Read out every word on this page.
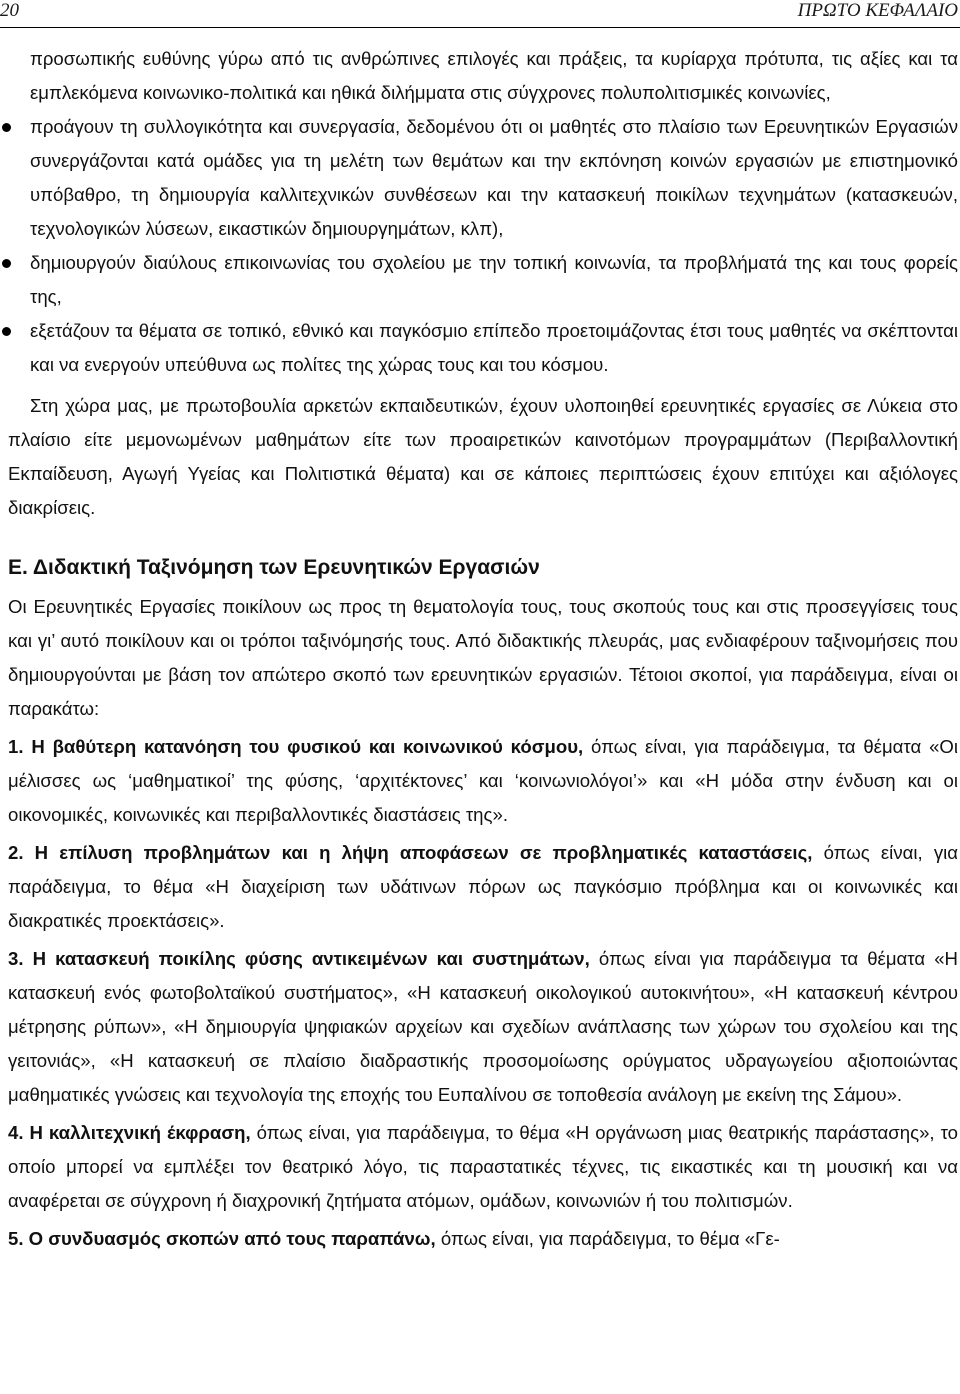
20	ΠΡΩΤΟ ΚΕΦΑΛΑΙΟ

προσωπικής ευθύνης γύρω από τις ανθρώπινες επιλογές και πράξεις, τα κυρίαρχα πρότυπα, τις αξίες και τα εμπλεκόμενα κοινωνικο-πολιτικά και ηθικά διλήμματα στις σύγχρονες πολυπολιτισμικές κοινωνίες,

προάγουν τη συλλογικότητα και συνεργασία, δεδομένου ότι οι μαθητές στο πλαίσιο των Ερευνητικών Εργασιών συνεργάζονται κατά ομάδες για τη μελέτη των θεμάτων και την εκπόνηση κοινών εργασιών με επιστημονικό υπόβαθρο, τη δημιουργία καλλιτεχνικών συνθέσεων και την κατασκευή ποικίλων τεχνημάτων (κατασκευών, τεχνολογικών λύσεων, εικαστικών δημιουργημάτων, κλπ),

δημιουργούν διαύλους επικοινωνίας του σχολείου με την τοπική κοινωνία, τα προβλήματά της και τους φορείς της,

εξετάζουν τα θέματα σε τοπικό, εθνικό και παγκόσμιο επίπεδο προετοιμάζοντας έτσι τους μαθητές να σκέπτονται και να ενεργούν υπεύθυνα ως πολίτες της χώρας τους και του κόσμου.

Στη χώρα μας, με πρωτοβουλία αρκετών εκπαιδευτικών, έχουν υλοποιηθεί ερευνητικές εργασίες σε Λύκεια στο πλαίσιο είτε μεμονωμένων μαθημάτων είτε των προαιρετικών καινοτόμων προγραμμάτων (Περιβαλλοντική Εκπαίδευση, Αγωγή Υγείας και Πολιτιστικά θέματα) και σε κάποιες περιπτώσεις έχουν επιτύχει και αξιόλογες διακρίσεις.

Ε. Διδακτική Ταξινόμηση των Ερευνητικών Εργασιών

Οι Ερευνητικές Εργασίες ποικίλουν ως προς τη θεματολογία τους, τους σκοπούς τους και στις προσεγγίσεις τους και γι’ αυτό ποικίλουν και οι τρόποι ταξινόμησής τους. Από διδακτικής πλευράς, μας ενδιαφέρουν ταξινομήσεις που δημιουργούνται με βάση τον απώτερο σκοπό των ερευνητικών εργασιών. Τέτοιοι σκοποί, για παράδειγμα, είναι οι παρακάτω:

1. Η βαθύτερη κατανόηση του φυσικού και κοινωνικού κόσμου, όπως είναι, για παράδειγμα, τα θέματα «Οι μέλισσες ως ‘μαθηματικοί’ της φύσης, ‘αρχιτέκτονες’ και ‘κοινωνιολόγοι’» και «Η μόδα στην ένδυση και οι οικονομικές, κοινωνικές και περιβαλλοντικές διαστάσεις της».

2. Η επίλυση προβλημάτων και η λήψη αποφάσεων σε προβληματικές καταστάσεις, όπως είναι, για παράδειγμα, το θέμα «Η διαχείριση των υδάτινων πόρων ως παγκόσμιο πρόβλημα και οι κοινωνικές και διακρατικές προεκτάσεις».

3. Η κατασκευή ποικίλης φύσης αντικειμένων και συστημάτων, όπως είναι για παράδειγμα τα θέματα «Η κατασκευή ενός φωτοβολταϊκού συστήματος», «Η κατασκευή οικολογικού αυτοκινήτου», «Η κατασκευή κέντρου μέτρησης ρύπων», «Η δημιουργία ψηφιακών αρχείων και σχεδίων ανάπλασης των χώρων του σχολείου και της γειτονιάς», «Η κατασκευή σε πλαίσιο διαδραστικής προσομοίωσης ορύγματος υδραγωγείου αξιοποιώντας μαθηματικές γνώσεις και τεχνολογία της εποχής του Ευπαλίνου σε τοποθεσία ανάλογη με εκείνη της Σάμου».

4. Η καλλιτεχνική έκφραση, όπως είναι, για παράδειγμα, το θέμα «Η οργάνωση μιας θεατρικής παράστασης», το οποίο μπορεί να εμπλέξει τον θεατρικό λόγο, τις παραστατικές τέχνες, τις εικαστικές και τη μουσική και να αναφέρεται σε σύγχρονη ή διαχρονική ζητήματα ατόμων, ομάδων, κοινωνιών ή του πολιτισμών.

5. Ο συνδυασμός σκοπών από τους παραπάνω, όπως είναι, για παράδειγμα, το θέμα «Γε-
